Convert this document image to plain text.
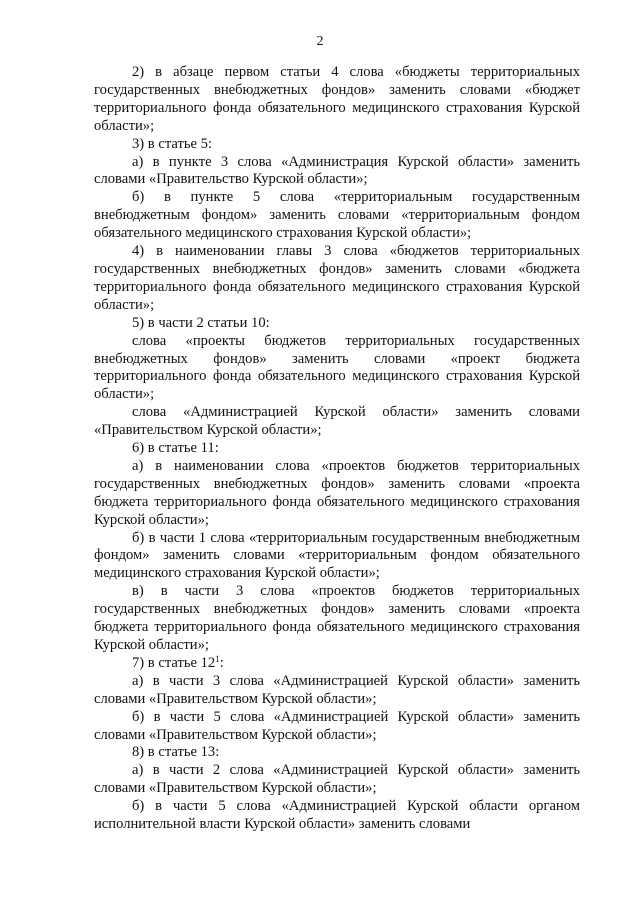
2

2) в абзаце первом статьи 4 слова «бюджеты территориальных государственных внебюджетных фондов» заменить словами «бюджет территориального фонда обязательного медицинского страхования Курской области»;

3) в статье 5:

а) в пункте 3 слова «Администрация Курской области» заменить словами «Правительство Курской области»;

б) в пункте 5 слова «территориальным государственным внебюджетным фондом» заменить словами «территориальным фондом обязательного медицинского страхования Курской области»;

4) в наименовании главы 3 слова «бюджетов территориальных государственных внебюджетных фондов» заменить словами «бюджета территориального фонда обязательного медицинского страхования Курской области»;

5) в части 2 статьи 10:

слова «проекты бюджетов территориальных государственных внебюджетных фондов» заменить словами «проект бюджета территориального фонда обязательного медицинского страхования Курской области»;

слова «Администрацией Курской области» заменить словами «Правительством Курской области»;

6) в статье 11:

а) в наименовании слова «проектов бюджетов территориальных государственных внебюджетных фондов» заменить словами «проекта бюджета территориального фонда обязательного медицинского страхования Курской области»;

б) в части 1 слова «территориальным государственным внебюджетным фондом» заменить словами «территориальным фондом обязательного медицинского страхования Курской области»;

в) в части 3 слова «проектов бюджетов территориальных государственных внебюджетных фондов» заменить словами «проекта бюджета территориального фонда обязательного медицинского страхования Курской области»;

7) в статье $12^1$:

а) в части 3 слова «Администрацией Курской области» заменить словами «Правительством Курской области»;

б) в части 5 слова «Администрацией Курской области» заменить словами «Правительством Курской области»;

8) в статье 13:

а) в части 2 слова «Администрацией Курской области» заменить словами «Правительством Курской области»;

б) в части 5 слова «Администрацией Курской области органом исполнительной власти Курской области» заменить словами
